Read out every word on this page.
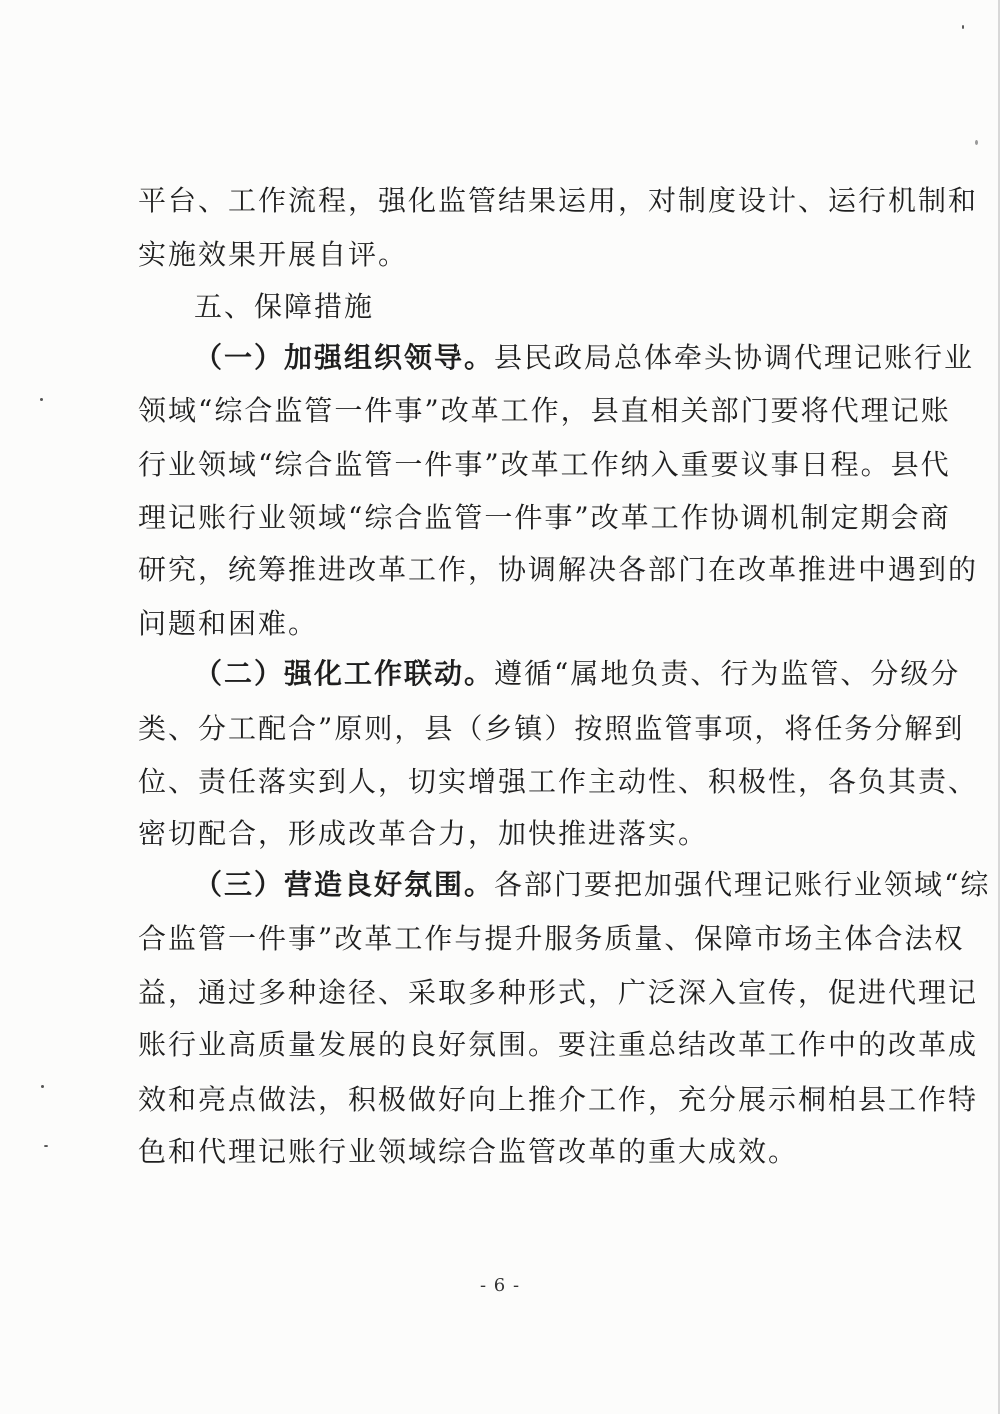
平台、工作流程，强化监管结果运用，对制度设计、运行机制和

实施效果开展自评。

五、保障措施

（一）加强组织领导。县民政局总体牵头协调代理记账行业

领域“综合监管一件事”改革工作，县直相关部门要将代理记账

行业领域“综合监管一件事”改革工作纳入重要议事日程。县代

理记账行业领域“综合监管一件事”改革工作协调机制定期会商

研究，统筹推进改革工作，协调解决各部门在改革推进中遇到的

问题和困难。

（二）强化工作联动。遵循“属地负责、行为监管、分级分

类、分工配合”原则，县（乡镇）按照监管事项，将任务分解到

位、责任落实到人，切实增强工作主动性、积极性，各负其责、

密切配合，形成改革合力，加快推进落实。

（三）营造良好氛围。各部门要把加强代理记账行业领域“综

合监管一件事”改革工作与提升服务质量、保障市场主体合法权

益，通过多种途径、采取多种形式，广泛深入宣传，促进代理记

账行业高质量发展的良好氛围。要注重总结改革工作中的改革成

效和亮点做法，积极做好向上推介工作，充分展示桐柏县工作特

色和代理记账行业领域综合监管改革的重大成效。

- 6 -
